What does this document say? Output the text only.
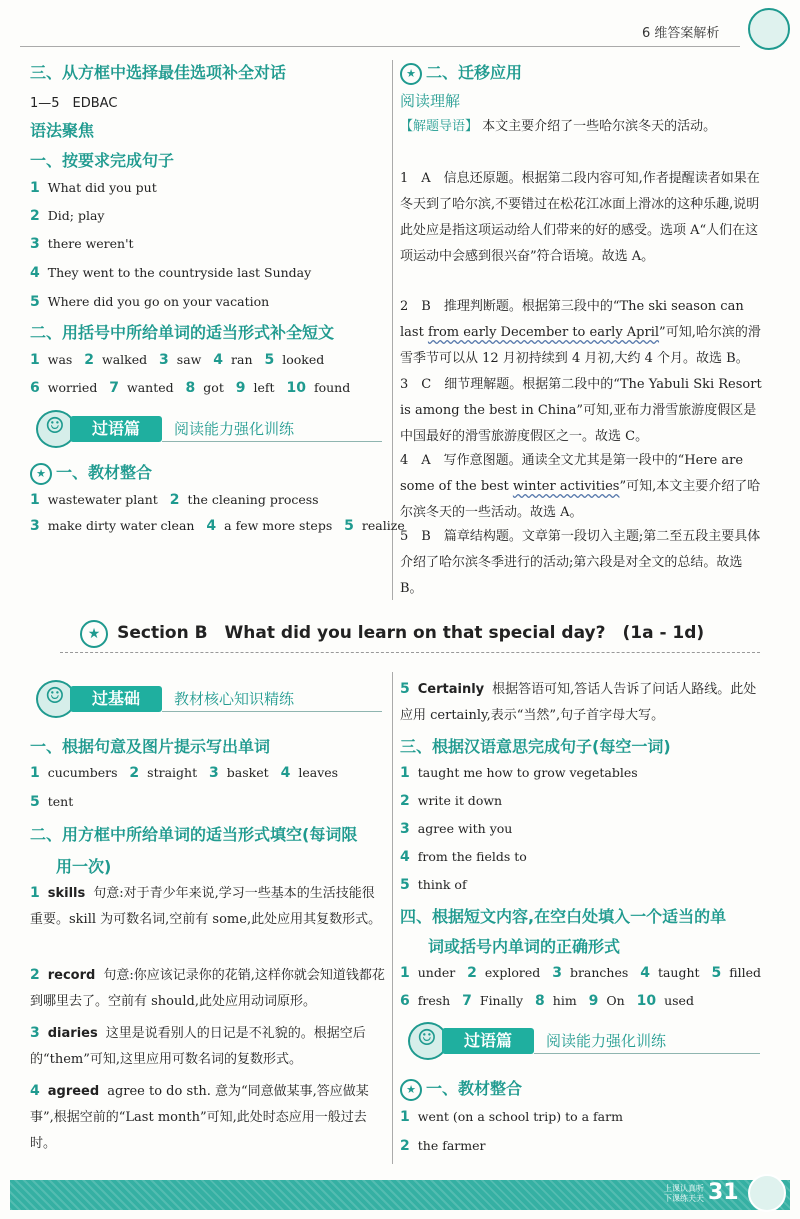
6 维答案解析
三、从方框中选择最佳选项补全对话
1—5　EDBAC
语法聚焦
一、按要求完成句子
1 What did you put
2 Did; play
3 there weren't
4 They went to the countryside last Sunday
5 Where did you go on your vacation
二、用括号中所给单词的适当形式补全短文
1 was 2 walked 3 saw 4 ran 5 looked
6 worried 7 wanted 8 got 9 left 10 found
☺
过语篇	阅读能力强化训练
★ 一、教材整合
1 wastewater plant 2 the cleaning process
3 make dirty water clean 4 a few more steps 5 realize
★ 二、迁移应用
阅读理解
【解题导语】 本文主要介绍了一些哈尔滨冬天的活动。
1　A　信息还原题。根据第二段内容可知,作者提醒读者如果在冬天到了哈尔滨,不要错过在松花江冰面上滑冰的这种乐趣,说明此处应是指这项运动给人们带来的好的感受。选项 A“人们在这项运动中会感到很兴奋”符合语境。故选 A。
2　B　推理判断题。根据第三段中的“The ski season can last from early December to early April”可知,哈尔滨的滑雪季节可以从 12 月初持续到 4 月初,大约 4 个月。故选 B。
3　C　细节理解题。根据第二段中的“The Yabuli Ski Resort is among the best in China”可知,亚布力滑雪旅游度假区是中国最好的滑雪旅游度假区之一。故选 C。
4　A　写作意图题。通读全文尤其是第一段中的“Here are some of the best winter activities”可知,本文主要介绍了哈尔滨冬天的一些活动。故选 A。
5　B　篇章结构题。文章第一段切入主题;第二至五段主要具体介绍了哈尔滨冬季进行的活动;第六段是对全文的总结。故选 B。
★ Section B　What did you learn on that special day?　(1a - 1d)
☺
过基础	教材核心知识精练
一、根据句意及图片提示写出单词
1 cucumbers 2 straight 3 basket 4 leaves
5 tent
二、用方框中所给单词的适当形式填空(每词限
用一次)
1 skills 句意:对于青少年来说,学习一些基本的生活技能很重要。skill 为可数名词,空前有 some,此处应用其复数形式。
2 record 句意:你应该记录你的花销,这样你就会知道钱都花到哪里去了。空前有 should,此处应用动词原形。
3 diaries 这里是说看别人的日记是不礼貌的。根据空后的“them”可知,这里应用可数名词的复数形式。
4 agreed agree to do sth. 意为“同意做某事,答应做某事”,根据空前的“Last month”可知,此处时态应用一般过去时。
5 Certainly 根据答语可知,答话人告诉了问话人路线。此处应用 certainly,表示“当然”,句子首字母大写。
三、根据汉语意思完成句子(每空一词)
1 taught me how to grow vegetables
2 write it down
3 agree with you
4 from the fields to
5 think of
四、根据短文内容,在空白处填入一个适当的单
词或括号内单词的正确形式
1 under 2 explored 3 branches 4 taught 5 filled
6 fresh 7 Finally 8 him 9 On 10 used
☺
过语篇	阅读能力强化训练
★ 一、教材整合
1 went (on a school trip) to a farm
2 the farmer
上课认真听
下课练天天 31
